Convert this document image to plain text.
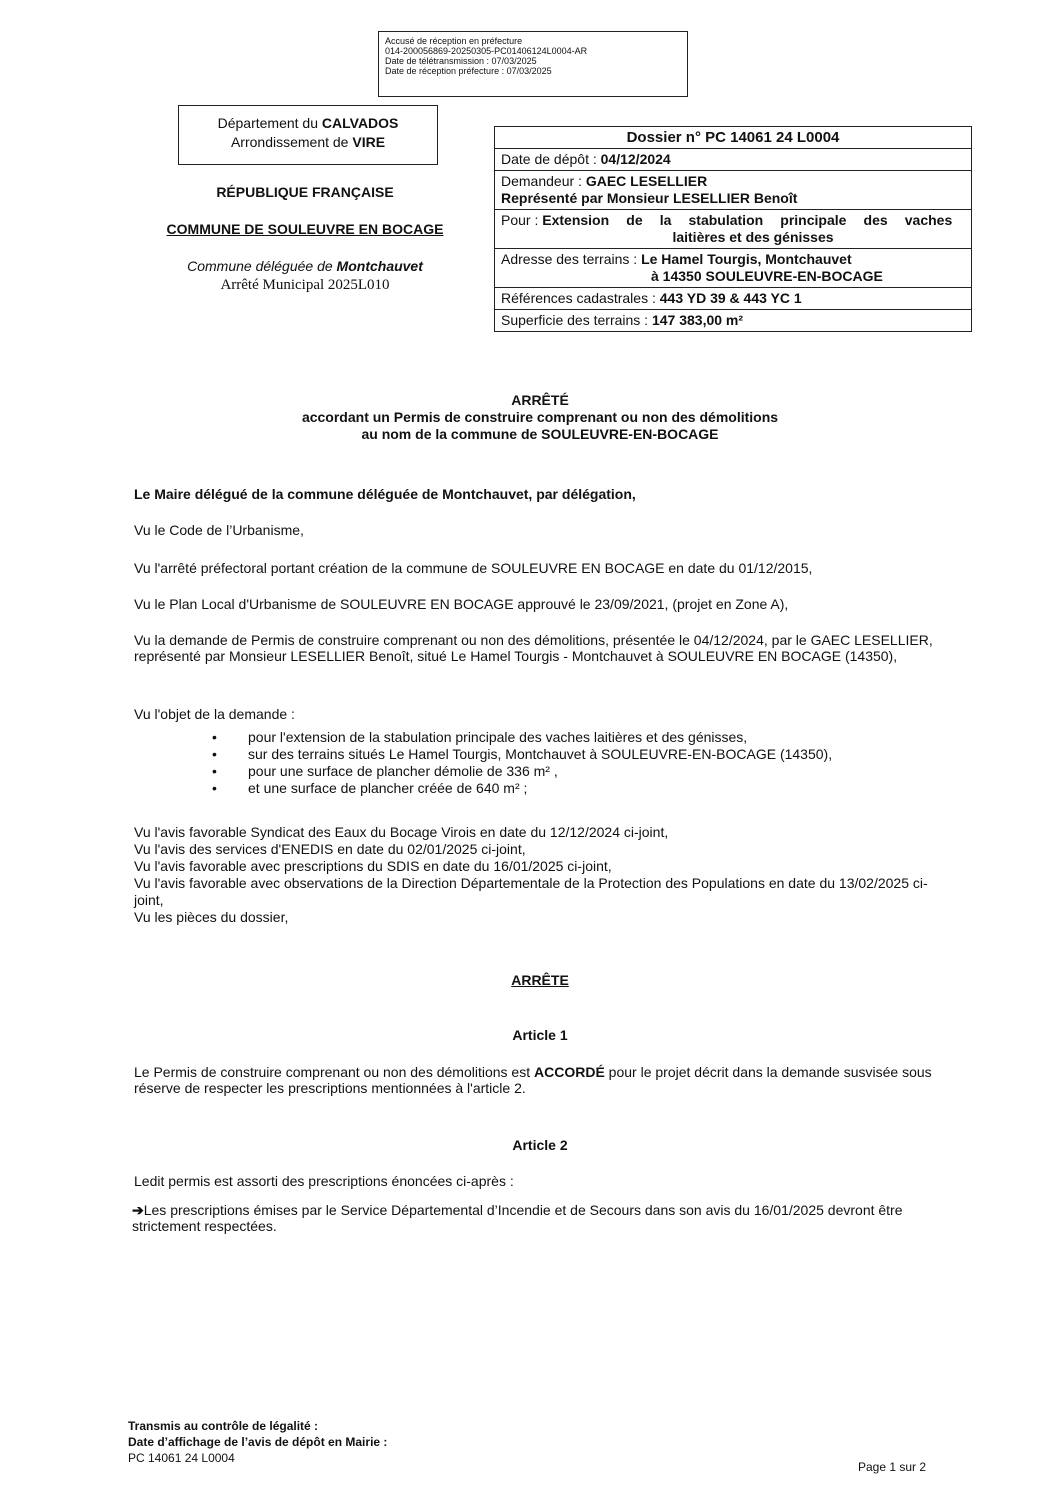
Accusé de réception en préfecture
014-200056869-20250305-PC01406124L0004-AR
Date de télétransmission : 07/03/2025
Date de réception préfecture : 07/03/2025
Département du CALVADOS
Arrondissement de VIRE
RÉPUBLIQUE FRANÇAISE
COMMUNE DE SOULEUVRE EN BOCAGE
Commune déléguée de Montchauvet
Arrêté Municipal 2025L010
Dossier n° PC 14061 24 L0004
Date de dépôt : 04/12/2024
Demandeur : GAEC LESELLIER
Représenté par Monsieur LESELLIER Benoît
Pour : Extension de la stabulation principale des vaches

laitières et des génisses

Adresse des terrains : Le Hamel Tourgis, Montchauvet

à 14350 SOULEUVRE-EN-BOCAGE

Références cadastrales : 443 YD 39 & 443 YC 1
Superficie des terrains : 147 383,00 m²
ARRÊTÉ
accordant un Permis de construire comprenant ou non des démolitions
au nom de la commune de SOULEUVRE-EN-BOCAGE
Le Maire délégué de la commune déléguée de Montchauvet, par délégation,
Vu le Code de l’Urbanisme,
Vu l'arrêté préfectoral portant création de la commune de SOULEUVRE EN BOCAGE en date du 01/12/2015,
Vu le Plan Local d'Urbanisme de SOULEUVRE EN BOCAGE approuvé le 23/09/2021, (projet en Zone A),
Vu la demande de Permis de construire comprenant ou non des démolitions, présentée le 04/12/2024, par le GAEC LESELLIER, représenté par Monsieur LESELLIER Benoît, situé Le Hamel Tourgis - Montchauvet à SOULEUVRE EN BOCAGE (14350),
Vu l'objet de la demande :
• pour l'extension de la stabulation principale des vaches laitières et des génisses,
• sur des terrains situés Le Hamel Tourgis, Montchauvet à SOULEUVRE-EN-BOCAGE (14350),
• pour une surface de plancher démolie de 336 m² ,
• et une surface de plancher créée de 640 m² ;
Vu l'avis favorable Syndicat des Eaux du Bocage Virois en date du 12/12/2024 ci-joint,
Vu l'avis des services d'ENEDIS en date du 02/01/2025 ci-joint,
Vu l'avis favorable avec prescriptions du SDIS en date du 16/01/2025 ci-joint,
Vu l'avis favorable avec observations de la Direction Départementale de la Protection des Populations en date du 13/02/2025 ci-joint,
Vu les pièces du dossier,
ARRÊTE
Article 1
Le Permis de construire comprenant ou non des démolitions est ACCORDÉ pour le projet décrit dans la demande susvisée sous réserve de respecter les prescriptions mentionnées à l'article 2.
Article 2
Ledit permis est assorti des prescriptions énoncées ci-après :
➔Les prescriptions émises par le Service Départemental d’Incendie et de Secours dans son avis du 16/01/2025 devront être strictement respectées.
Transmis au contrôle de légalité :
Date d’affichage de l’avis de dépôt en Mairie :
PC 14061 24 L0004
Page 1 sur 2
